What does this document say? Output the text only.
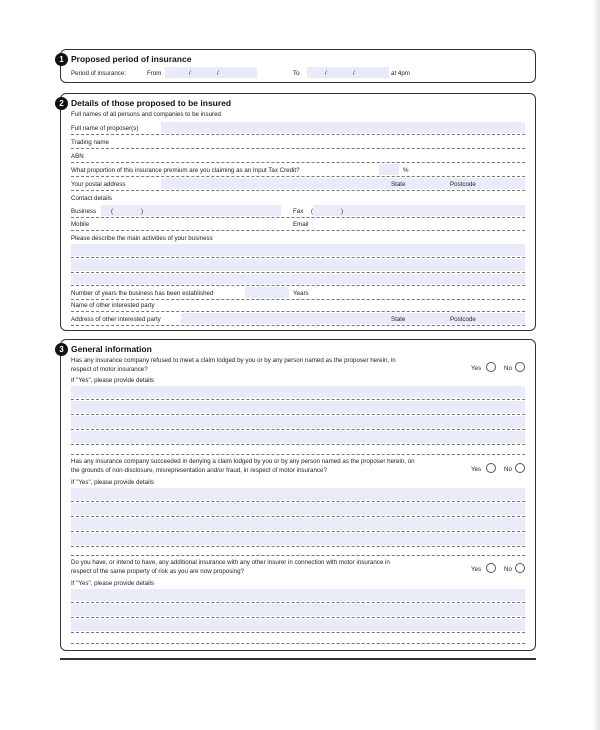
1 Proposed period of insurance
Period of insurance:	From	/	/	To	/	/	at 4pm
2 Details of those proposed to be insured
Full names of all persons and companies to be insured
Full name of proposer(s)
Trading name
ABN
What proportion of this insurance premium are you claiming as an Input Tax Credit?	%
Your postal address	State	Postcode
Contact details
Business (	)	Fax (	)
Mobile	Email
Please describe the main activities of your business
Number of years the business has been established	Years
Name of other interested party
Address of other interested party	State	Postcode
3 General information
Has any insurance company refused to meet a claim lodged by you or by any person named as the proposer herein, in
respect of motor insurance?	Yes	No
If "Yes", please provide details
Has any insurance company succeeded in denying a claim lodged by you or by any person named as the proposer herein, on
the grounds of non-disclosure, misrepresentation and/or fraud, in respect of motor insurance?	Yes	No
If "Yes", please provide details
Do you have, or intend to have, any additional insurance with any other insurer in connection with motor insurance in
respect of the same property of risk as you are now proposing?	Yes	No
If "Yes", please provide details
